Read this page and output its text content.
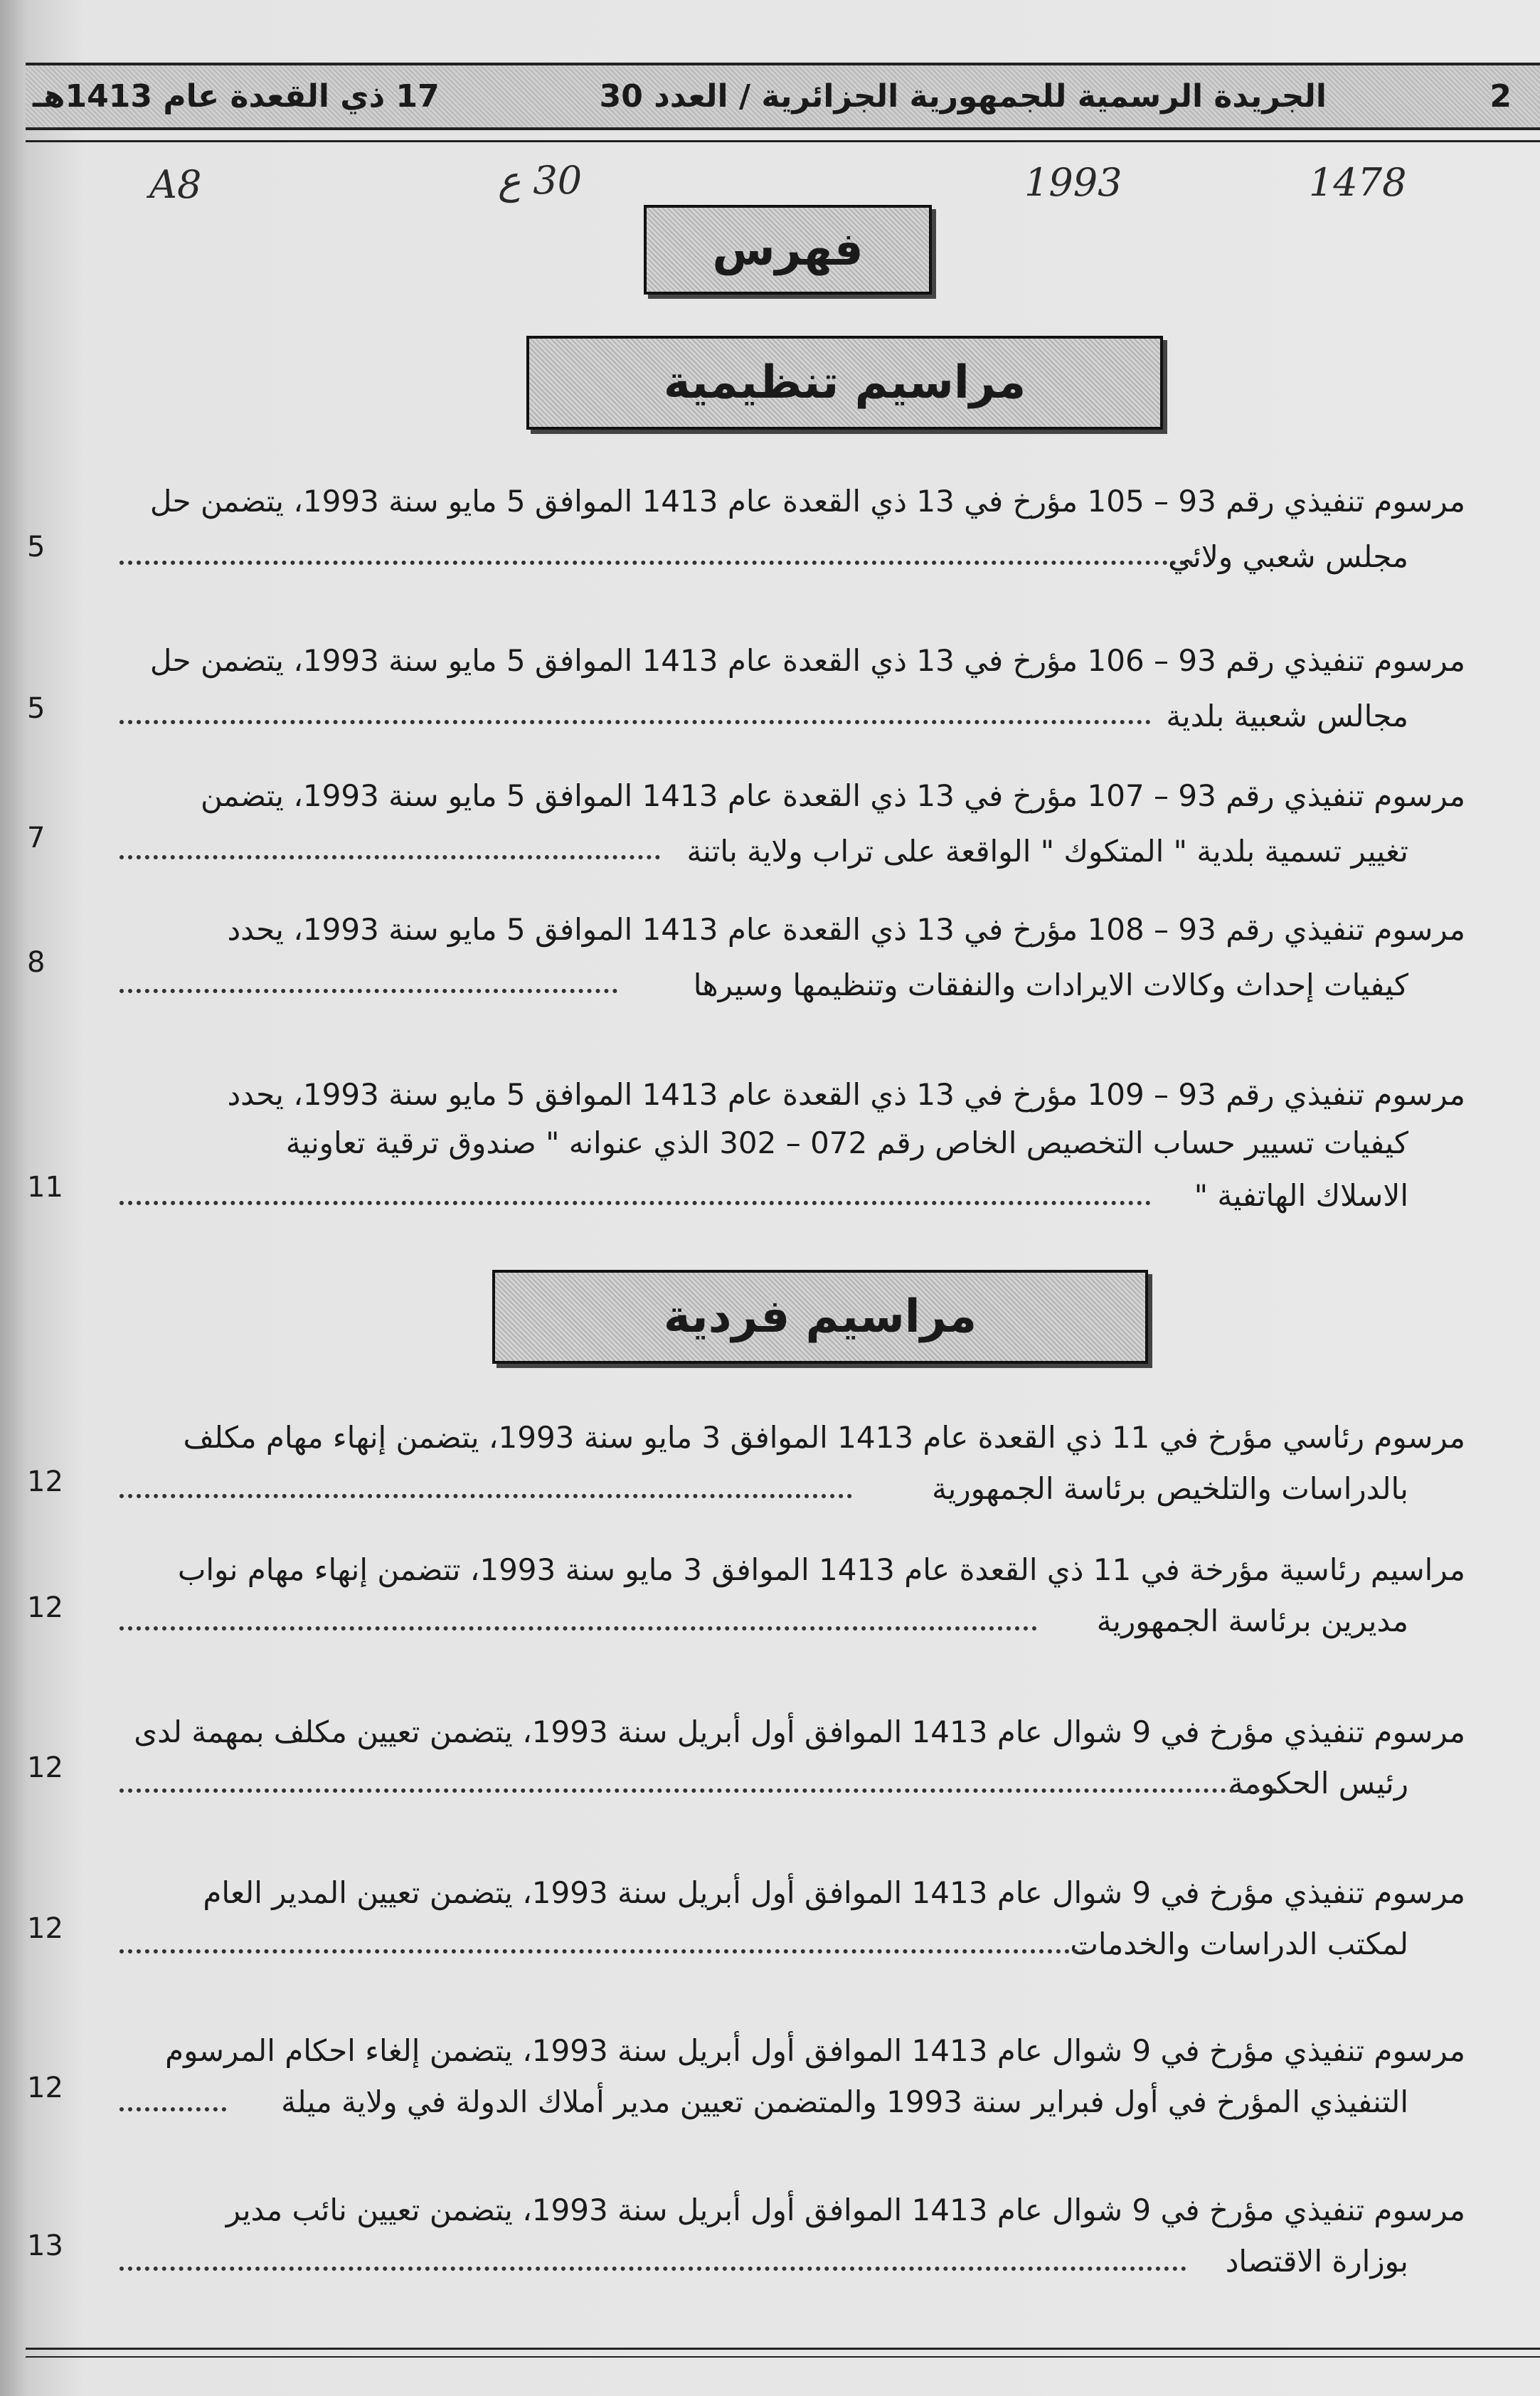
2
الجريدة الرسمية للجمهورية الجزائرية / العدد 30
17 ذي القعدة عام 1413هـ
A8	30 ع	1993	1478
فهرس
مراسيم تنظيمية
مرسوم تنفيذي رقم 93 – 105 مؤرخ في 13 ذي القعدة عام 1413 الموافق 5 مايو سنة 1993، يتضمن حل
مجلس شعبي ولائي
5
مرسوم تنفيذي رقم 93 – 106 مؤرخ في 13 ذي القعدة عام 1413 الموافق 5 مايو سنة 1993، يتضمن حل
مجالس شعبية بلدية
5
مرسوم تنفيذي رقم 93 – 107 مؤرخ في 13 ذي القعدة عام 1413 الموافق 5 مايو سنة 1993، يتضمن
تغيير تسمية بلدية " المتكوك " الواقعة على تراب ولاية باتنة
7
مرسوم تنفيذي رقم 93 – 108 مؤرخ في 13 ذي القعدة عام 1413 الموافق 5 مايو سنة 1993، يحدد
كيفيات إحداث وكالات الايرادات والنفقات وتنظيمها وسيرها
8
مرسوم تنفيذي رقم 93 – 109 مؤرخ في 13 ذي القعدة عام 1413 الموافق 5 مايو سنة 1993، يحدد
كيفيات تسيير حساب التخصيص الخاص رقم 072 – 302 الذي عنوانه " صندوق ترقية تعاونية
الاسلاك الهاتفية "
11
مراسيم فردية
مرسوم رئاسي مؤرخ في 11 ذي القعدة عام 1413 الموافق 3 مايو سنة 1993، يتضمن إنهاء مهام مكلف
بالدراسات والتلخيص برئاسة الجمهورية
12
مراسيم رئاسية مؤرخة في 11 ذي القعدة عام 1413 الموافق 3 مايو سنة 1993، تتضمن إنهاء مهام نواب
مديرين برئاسة الجمهورية
12
مرسوم تنفيذي مؤرخ في 9 شوال عام 1413 الموافق أول أبريل سنة 1993، يتضمن تعيين مكلف بمهمة لدى
رئيس الحكومة
12
مرسوم تنفيذي مؤرخ في 9 شوال عام 1413 الموافق أول أبريل سنة 1993، يتضمن تعيين المدير العام
لمكتب الدراسات والخدمات
12
مرسوم تنفيذي مؤرخ في 9 شوال عام 1413 الموافق أول أبريل سنة 1993، يتضمن إلغاء احكام المرسوم
التنفيذي المؤرخ في أول فبراير سنة 1993 والمتضمن تعيين مدير أملاك الدولة في ولاية ميلة
12
مرسوم تنفيذي مؤرخ في 9 شوال عام 1413 الموافق أول أبريل سنة 1993، يتضمن تعيين نائب مدير
بوزارة الاقتصاد
13
